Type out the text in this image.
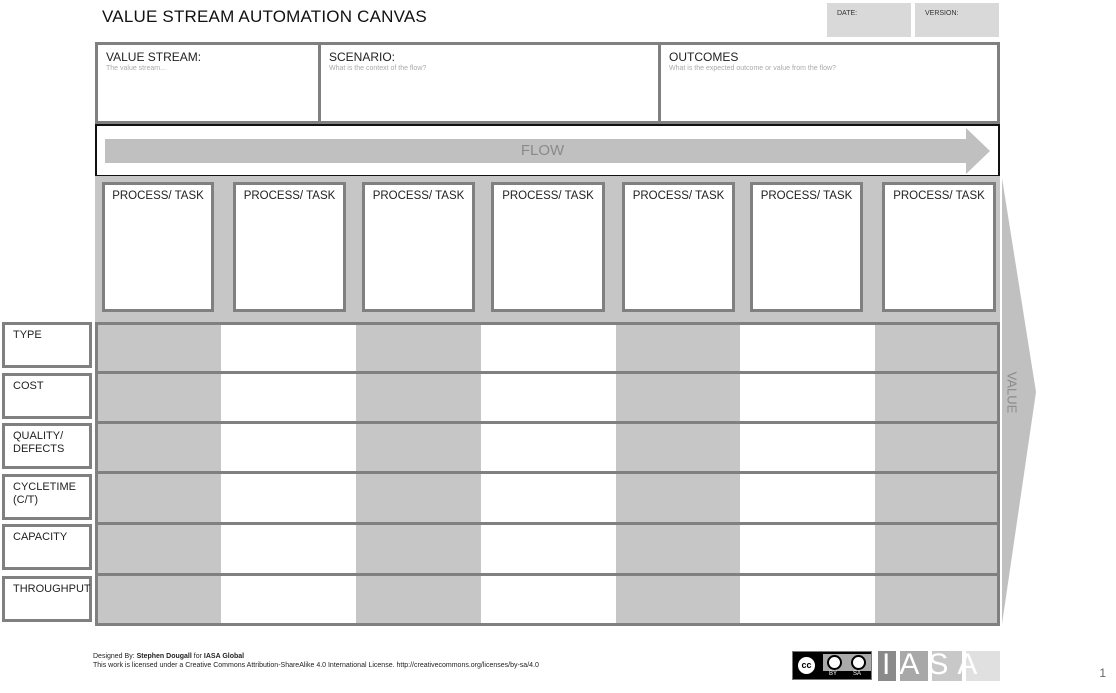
VALUE STREAM AUTOMATION CANVAS	DATE:	VERSION:
VALUE STREAM:
The value stream...
SCENARIO:
What is the context of the flow?
OUTCOMES
What is the expected outcome or value from the flow?
FLOW
PROCESS/ TASK	PROCESS/ TASK	PROCESS/ TASK	PROCESS/ TASK	PROCESS/ TASK	PROCESS/ TASK	PROCESS/ TASK
TYPE
COST
QUALITY/ DEFECTS
CYCLETIME (C/T)
CAPACITY
THROUGHPUT
VALUE
Designed By: Stephen Dougall for IASA Global
This work is licensed under a Creative Commons Attribution-ShareAlike 4.0 International License. http://creativecommons.org/licenses/by-sa/4.0	cc
BY	SA IASA	1
